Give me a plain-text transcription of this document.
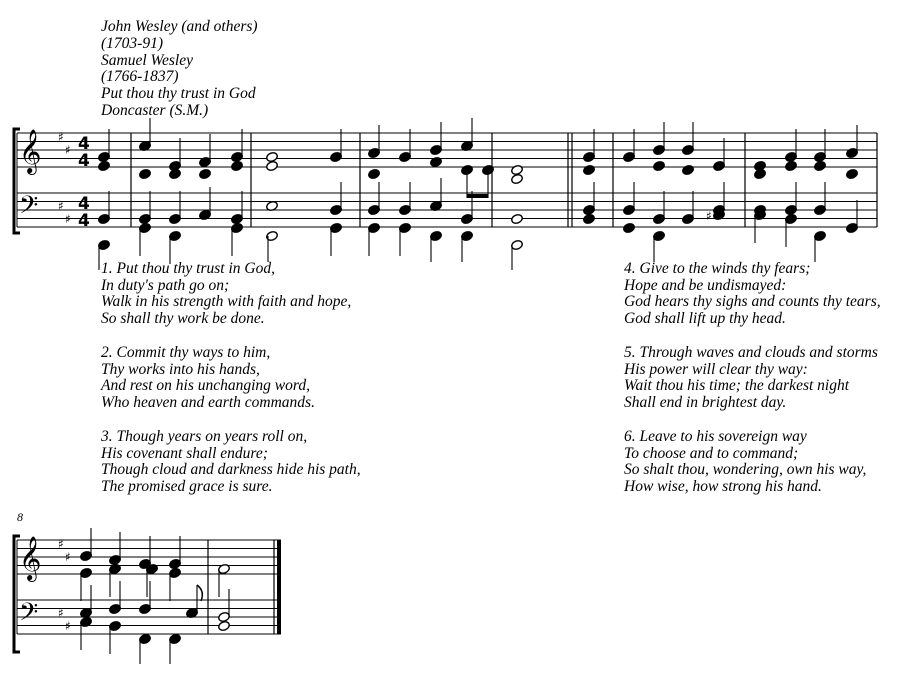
𝄞
𝄢
♯
♯
♯
♯
4
4
4
4	♯
𝄞
𝄢
♯
♯
♯
♯
John Wesley (and others)
(1703-91)
Samuel Wesley
(1766-1837)
Put thou thy trust in God
Doncaster (S.M.)
8
1. Put thou thy trust in God,
In duty's path go on;
Walk in his strength with faith and hope,
So shall thy work be done.
2. Commit thy ways to him,
Thy works into his hands,
And rest on his unchanging word,
Who heaven and earth commands.
3. Though years on years roll on,
His covenant shall endure;
Though cloud and darkness hide his path,
The promised grace is sure.
4. Give to the winds thy fears;
Hope and be undismayed:
God hears thy sighs and counts thy tears,
God shall lift up thy head.
5. Through waves and clouds and storms
His power will clear thy way:
Wait thou his time; the darkest night
Shall end in brightest day.
6. Leave to his sovereign way
To choose and to command;
So shalt thou, wondering, own his way,
How wise, how strong his hand.
